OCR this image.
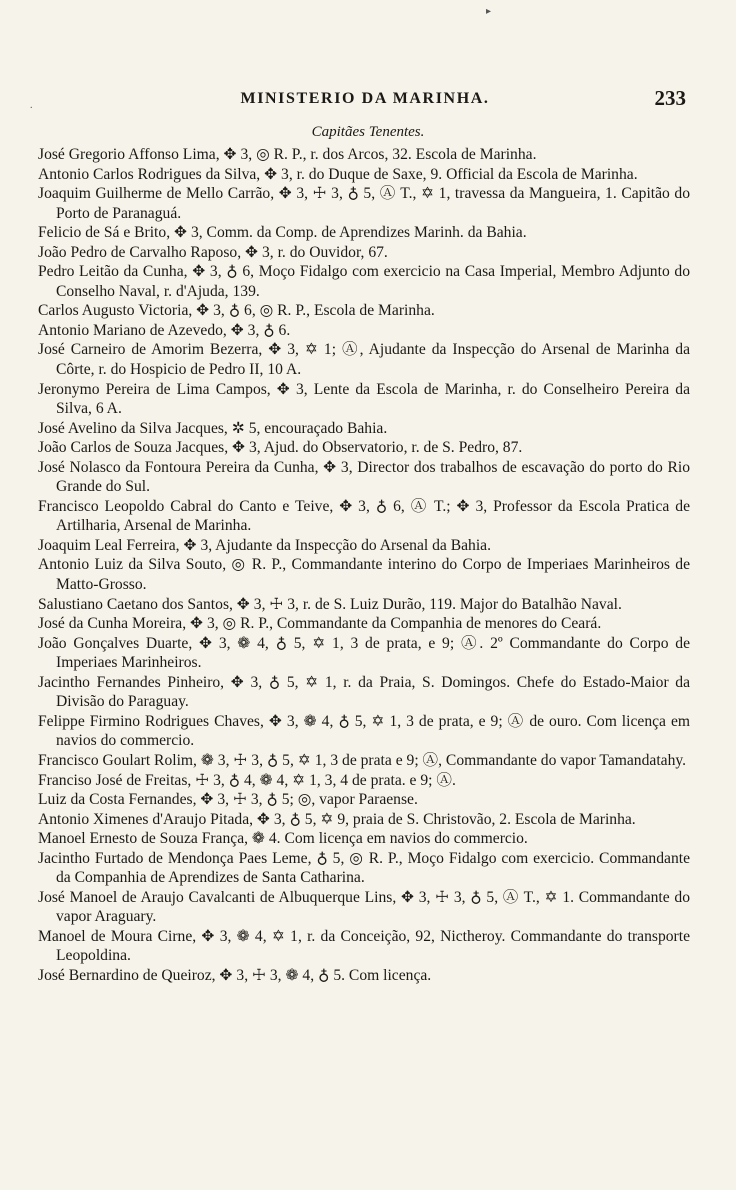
▸
.	MINISTERIO DA MARINHA.	233
Capitães Tenentes.

José Gregorio Affonso Lima, ✥ 3, ◎ R. P., r. dos Arcos, 32. Escola de Marinha.

Antonio Carlos Rodrigues da Silva, ✥ 3, r. do Duque de Saxe, 9. Official da Escola de Marinha.

Joaquim Guilherme de Mello Carrão, ✥ 3, ☩ 3, ♁ 5, Ⓐ T., ✡ 1, travessa da Mangueira, 1. Capitão do Porto de Paranaguá.

Felicio de Sá e Brito, ✥ 3, Comm. da Comp. de Aprendizes Marinh. da Bahia.

João Pedro de Carvalho Raposo, ✥ 3, r. do Ouvidor, 67.

Pedro Leitão da Cunha, ✥ 3, ♁ 6, Moço Fidalgo com exercicio na Casa Imperial, Membro Adjunto do Conselho Naval, r. d'Ajuda, 139.

Carlos Augusto Victoria, ✥ 3, ♁ 6, ◎ R. P., Escola de Marinha.

Antonio Mariano de Azevedo, ✥ 3, ♁ 6.

José Carneiro de Amorim Bezerra, ✥ 3, ✡ 1; Ⓐ, Ajudante da Inspecção do Arsenal de Marinha da Côrte, r. do Hospicio de Pedro II, 10 A.

Jeronymo Pereira de Lima Campos, ✥ 3, Lente da Escola de Marinha, r. do Conselheiro Pereira da Silva, 6 A.

José Avelino da Silva Jacques, ✲ 5, encouraçado Bahia.

João Carlos de Souza Jacques, ✥ 3, Ajud. do Observatorio, r. de S. Pedro, 87.

José Nolasco da Fontoura Pereira da Cunha, ✥ 3, Director dos trabalhos de escavação do porto do Rio Grande do Sul.

Francisco Leopoldo Cabral do Canto e Teive, ✥ 3, ♁ 6, Ⓐ T.; ✥ 3, Professor da Escola Pratica de Artilharia, Arsenal de Marinha.

Joaquim Leal Ferreira, ✥ 3, Ajudante da Inspecção do Arsenal da Bahia.

Antonio Luiz da Silva Souto, ◎ R. P., Commandante interino do Corpo de Imperiaes Marinheiros de Matto-Grosso.

Salustiano Caetano dos Santos, ✥ 3, ☩ 3, r. de S. Luiz Durão, 119. Major do Batalhão Naval.

José da Cunha Moreira, ✥ 3, ◎ R. P., Commandante da Companhia de menores do Ceará.

João Gonçalves Duarte, ✥ 3, ❁ 4, ♁ 5, ✡ 1, 3 de prata, e 9; Ⓐ. 2º Commandante do Corpo de Imperiaes Marinheiros.

Jacintho Fernandes Pinheiro, ✥ 3, ♁ 5, ✡ 1, r. da Praia, S. Domingos. Chefe do Estado-Maior da Divisão do Paraguay.

Felippe Firmino Rodrigues Chaves, ✥ 3, ❁ 4, ♁ 5, ✡ 1, 3 de prata, e 9; Ⓐ de ouro. Com licença em navios do commercio.

Francisco Goulart Rolim, ❁ 3, ☩ 3, ♁ 5, ✡ 1, 3 de prata e 9; Ⓐ, Commandante do vapor Tamandatahy.

Franciso José de Freitas, ☩ 3, ♁ 4, ❁ 4, ✡ 1, 3, 4 de prata. e 9; Ⓐ.

Luiz da Costa Fernandes, ✥ 3, ☩ 3, ♁ 5; ◎, vapor Paraense.

Antonio Ximenes d'Araujo Pitada, ✥ 3, ♁ 5, ✡ 9, praia de S. Christovão, 2. Escola de Marinha.

Manoel Ernesto de Souza França, ❁ 4. Com licença em navios do commercio.

Jacintho Furtado de Mendonça Paes Leme, ♁ 5, ◎ R. P., Moço Fidalgo com exercicio. Commandante da Companhia de Aprendizes de Santa Catharina.

José Manoel de Araujo Cavalcanti de Albuquerque Lins, ✥ 3, ☩ 3, ♁ 5, Ⓐ T., ✡ 1. Commandante do vapor Araguary.

Manoel de Moura Cirne, ✥ 3, ❁ 4, ✡ 1, r. da Conceição, 92, Nictheroy. Commandante do transporte Leopoldina.

José Bernardino de Queiroz, ✥ 3, ☩ 3, ❁ 4, ♁ 5. Com licença.
